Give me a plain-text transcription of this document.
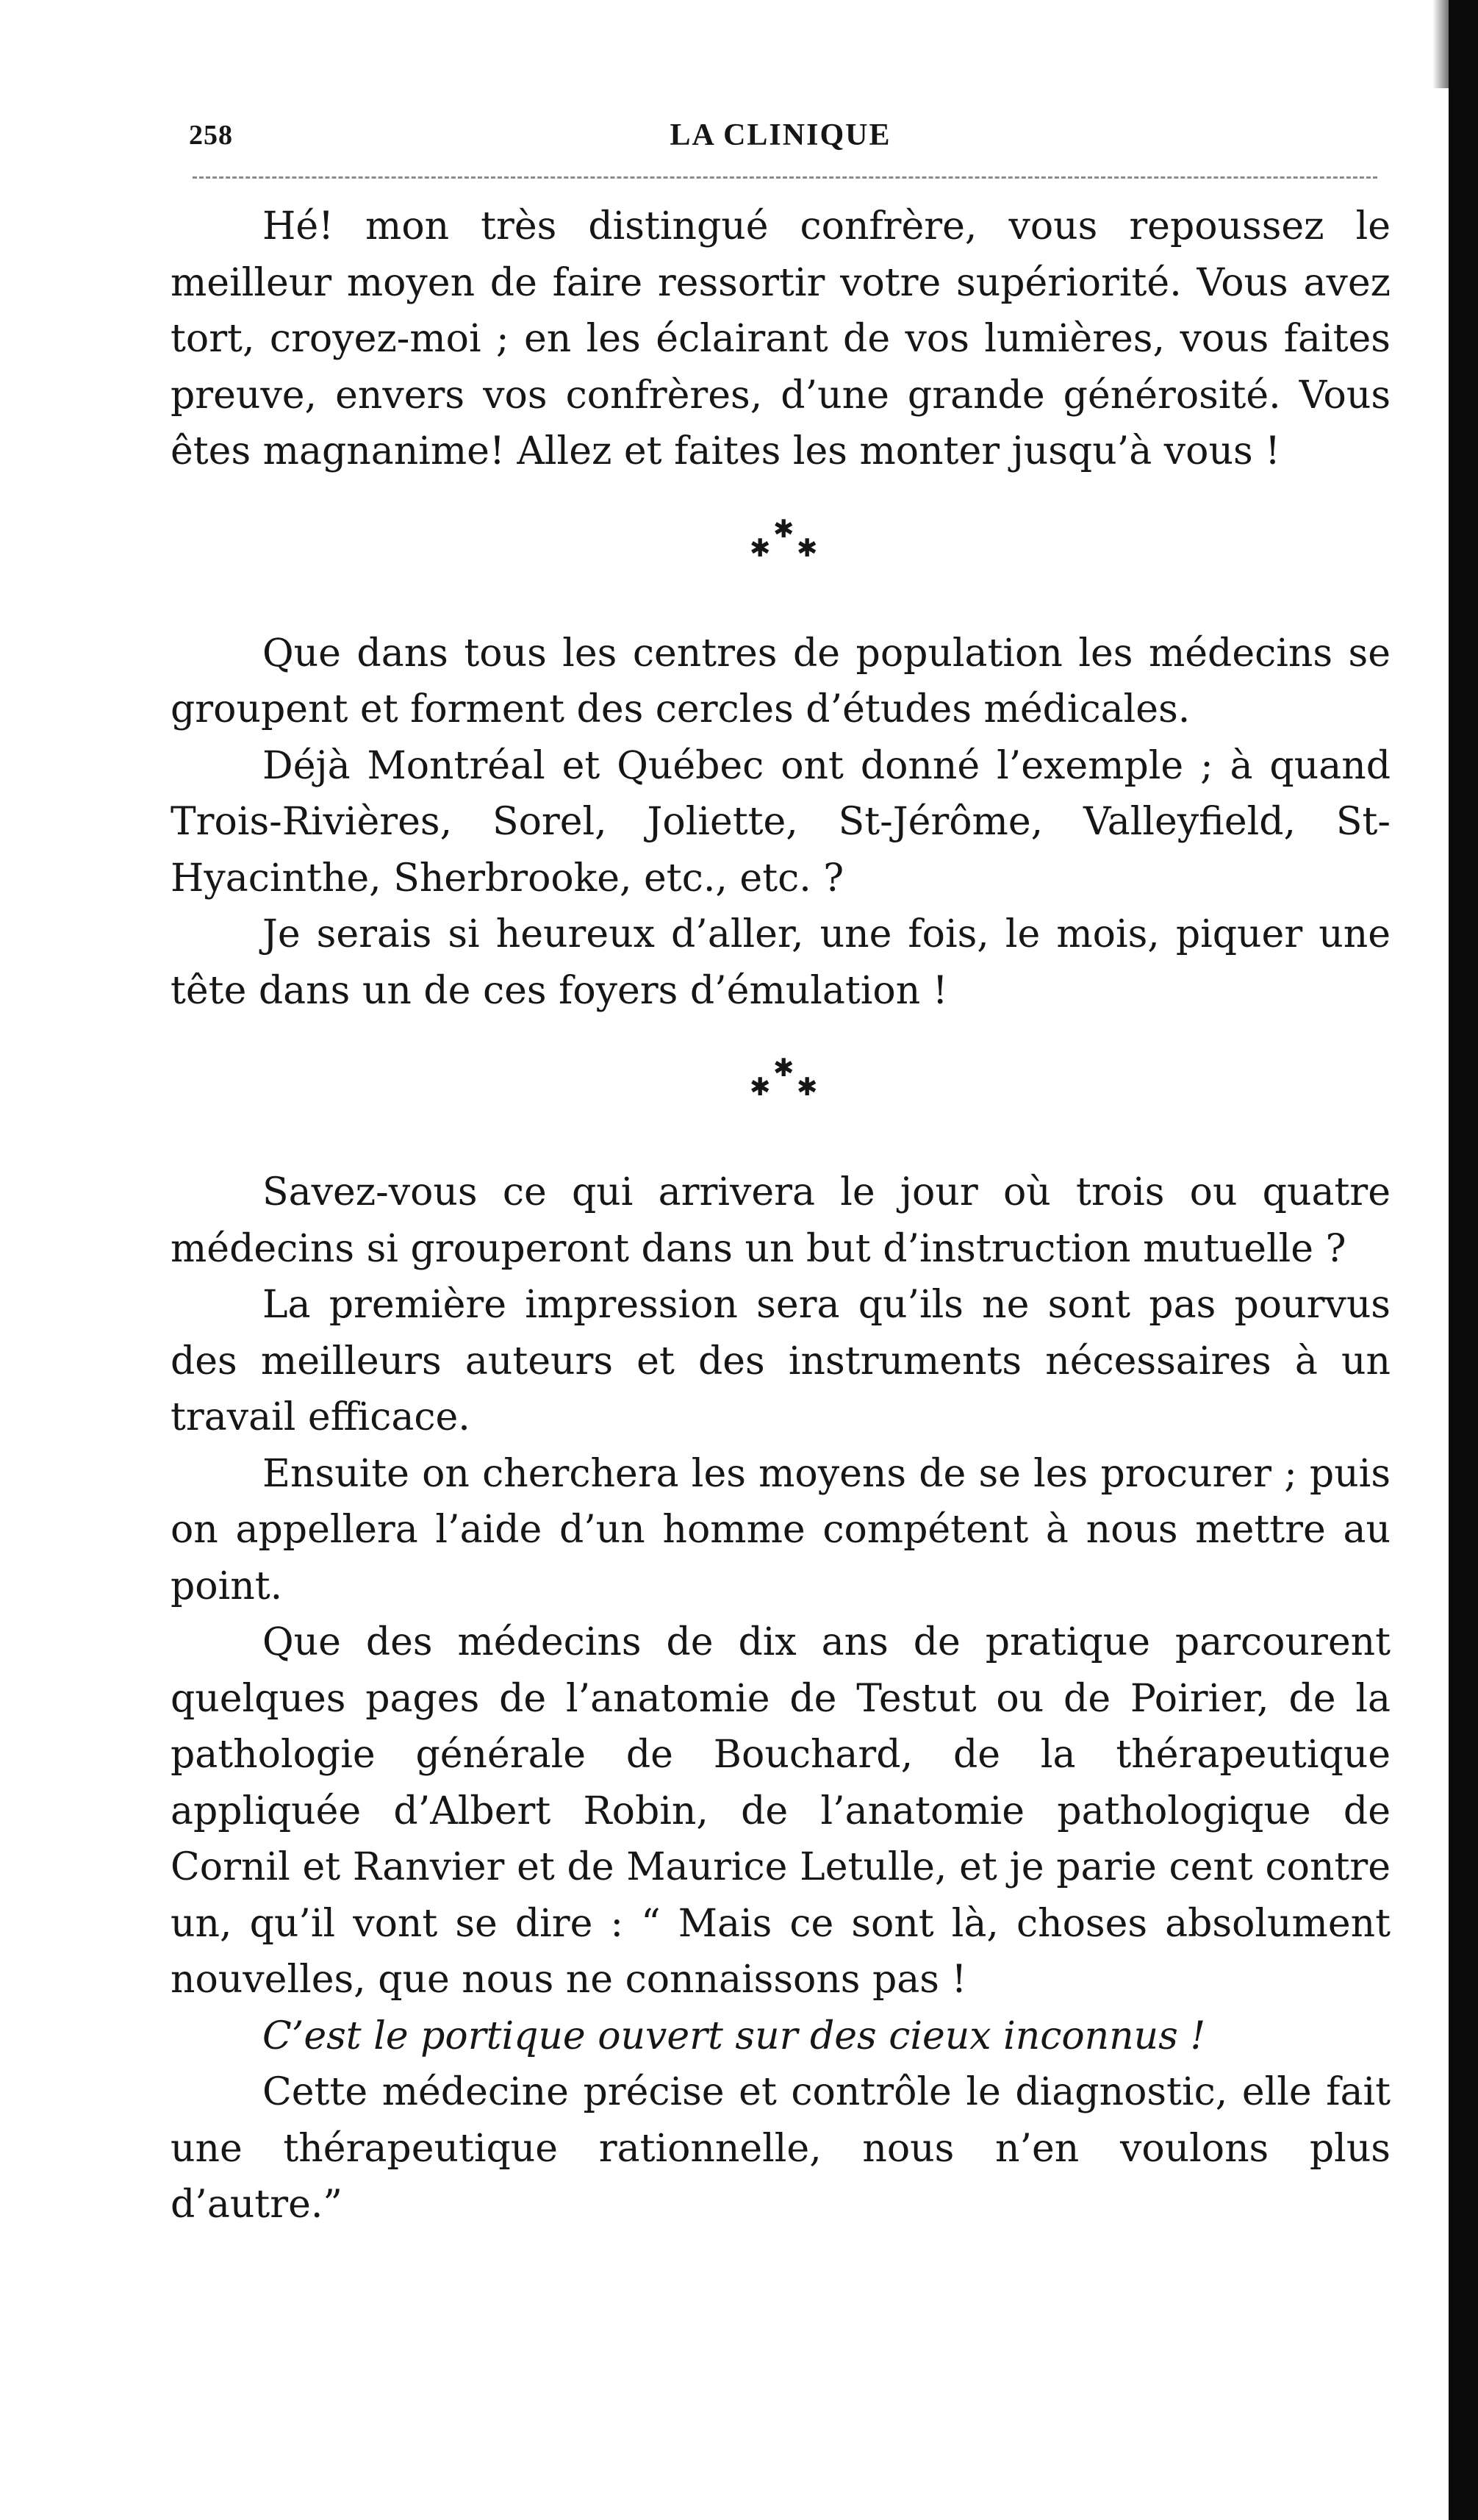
258	LA CLINIQUE

Hé! mon très distingué confrère, vous repoussez le meilleur moyen de faire ressortir votre supériorité. Vous avez tort, croyez-moi ; en les éclairant de vos lumières, vous faites preuve, envers vos confrères, d’une grande générosité. Vous êtes magnanime! Allez et faites les monter jusqu’à vous !

✱
✱ ✱

Que dans tous les centres de population les médecins se groupent et forment des cercles d’études médicales.

Déjà Montréal et Québec ont donné l’exemple ; à quand Trois-Rivières, Sorel, Joliette, St-Jérôme, Valleyfield, St-Hyacinthe, Sherbrooke, etc., etc. ?

Je serais si heureux d’aller, une fois, le mois, piquer une tête dans un de ces foyers d’émulation !

✱
✱ ✱

Savez-vous ce qui arrivera le jour où trois ou quatre médecins si grouperont dans un but d’instruction mutuelle ?

La première impression sera qu’ils ne sont pas pourvus des meilleurs auteurs et des instruments nécessaires à un travail efficace.

Ensuite on cherchera les moyens de se les procurer ; puis on appellera l’aide d’un homme compétent à nous mettre au point.

Que des médecins de dix ans de pratique parcourent quelques pages de l’anatomie de Testut ou de Poirier, de la pathologie générale de Bouchard, de la thérapeutique appliquée d’Albert Robin, de l’anatomie pathologique de Cornil et Ranvier et de Maurice Letulle, et je parie cent contre un, qu’il vont se dire : “ Mais ce sont là, choses absolument nouvelles, que nous ne connaissons pas !

C’est le portique ouvert sur des cieux inconnus !

Cette médecine précise et contrôle le diagnostic, elle fait une thérapeutique rationnelle, nous n’en voulons plus d’autre.”
